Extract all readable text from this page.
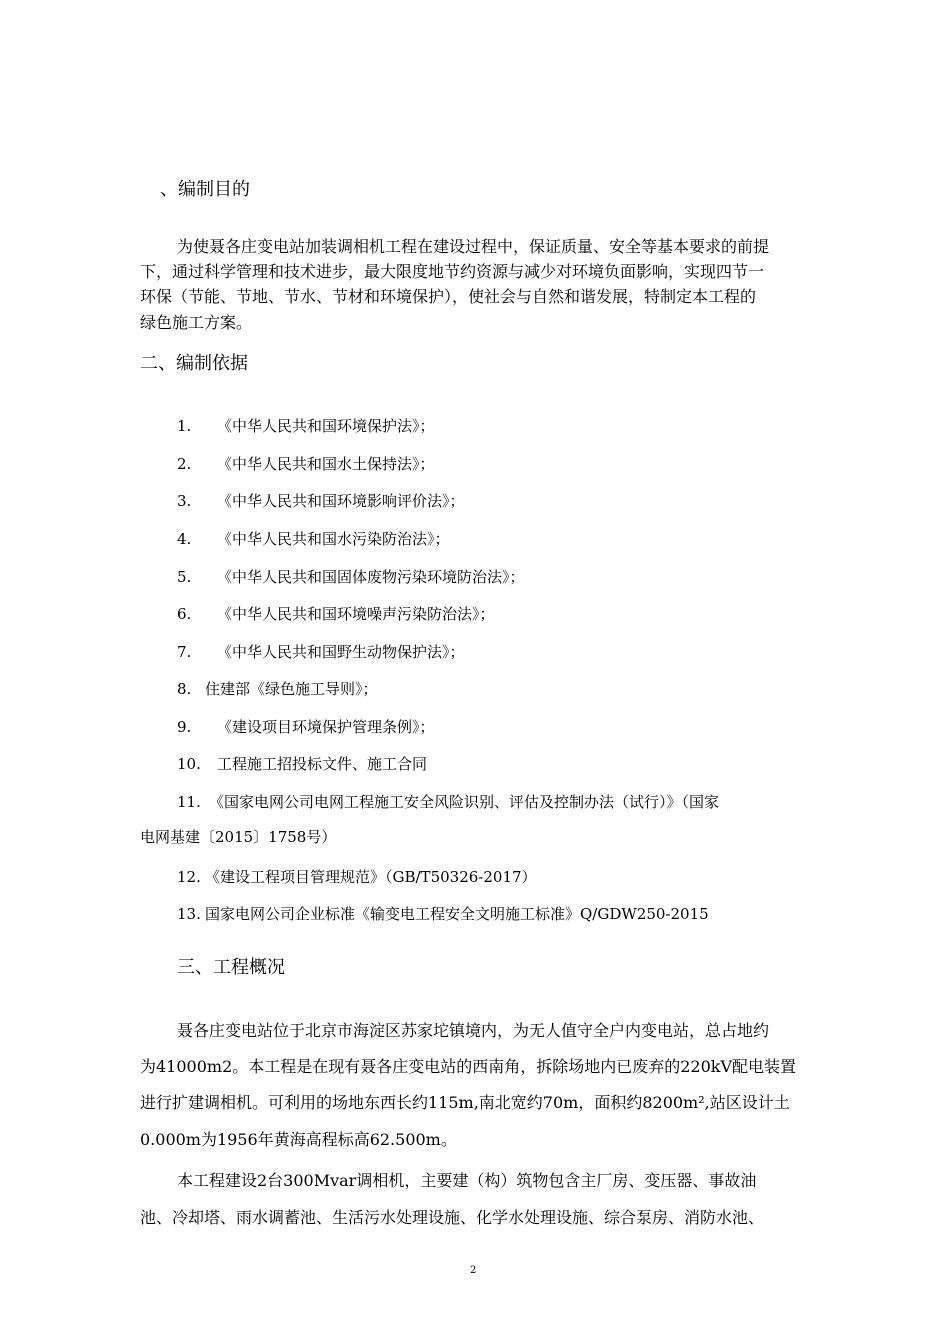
、编制目的
为使聂各庄变电站加装调相机工程在建设过程中，保证质量、安全等基本要求的前提
下，通过科学管理和技术进步，最大限度地节约资源与减少对环境负面影响，实现四节一
环保（节能、节地、节水、节材和环境保护），使社会与自然和谐发展，特制定本工程的
绿色施工方案。
二、编制依据
1. 《中华人民共和国环境保护法》；
2. 《中华人民共和国水土保持法》；
3. 《中华人民共和国环境影响评价法》；
4. 《中华人民共和国水污染防治法》；
5. 《中华人民共和国固体废物污染环境防治法》；
6. 《中华人民共和国环境噪声污染防治法》；
7. 《中华人民共和国野生动物保护法》；
8. 住建部《绿色施工导则》；
9. 《建设项目环境保护管理条例》；
10. 工程施工招投标文件、施工合同
11. 《国家电网公司电网工程施工安全风险识别、评估及控制办法（试行）》（国家
电网基建〔2015〕1758号）
12. 《建设工程项目管理规范》（GB/T50326-2017）
13. 国家电网公司企业标准《输变电工程安全文明施工标准》Q/GDW250-2015
三、工程概况
聂各庄变电站位于北京市海淀区苏家坨镇境内，为无人值守全户内变电站，总占地约
为41000m2。本工程是在现有聂各庄变电站的西南角，拆除场地内已废弃的220kV配电装置
进行扩建调相机。可利用的场地东西长约115m,南北宽约70m，面积约8200m²,站区设计土
0.000m为1956年黄海高程标高62.500m。
本工程建设2台300Mvar调相机，主要建（构）筑物包含主厂房、变压器、事故油
池、冷却塔、雨水调蓄池、生活污水处理设施、化学水处理设施、综合泵房、消防水池、
2
